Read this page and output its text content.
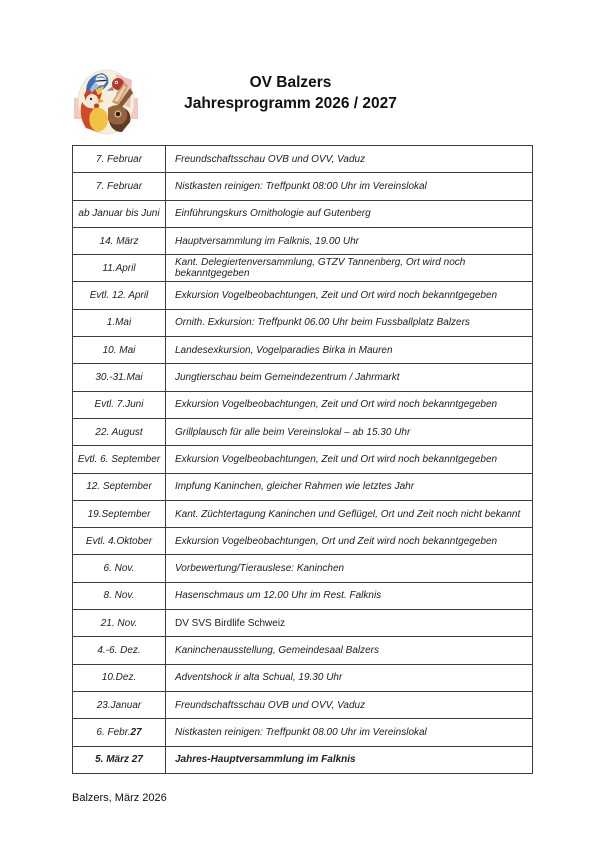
OV Balzers
Jahresprogramm 2026 / 2027
7. Februar	Freundschaftsschau OVB und OVV, Vaduz
7. Februar	Nistkasten reinigen: Treffpunkt 08:00 Uhr im Vereinslokal
ab Januar bis Juni	Einführungskurs Ornithologie auf Gutenberg
14. März	Hauptversammlung im Falknis, 19.00 Uhr
11.April	Kant. Delegiertenversammlung, GTZV Tannenberg, Ort wird noch bekanntgegeben
Evtl. 12. April	Exkursion Vogelbeobachtungen, Zeit und Ort wird noch bekanntgegeben
1.Mai	Ornith. Exkursion: Treffpunkt 06.00 Uhr beim Fussballplatz Balzers
10. Mai	Landesexkursion, Vogelparadies Birka in Mauren
30.-31.Mai	Jungtierschau beim Gemeindezentrum / Jahrmarkt
Evtl. 7.Juni	Exkursion Vogelbeobachtungen, Zeit und Ort wird noch bekanntgegeben
22. August	Grillplausch für alle beim Vereinslokal – ab 15.30 Uhr
Evtl. 6. September	Exkursion Vogelbeobachtungen, Zeit und Ort wird noch bekanntgegeben
12. September	Impfung Kaninchen, gleicher Rahmen wie letztes Jahr
19.September	Kant. Züchtertagung Kaninchen und Geflügel, Ort und Zeit noch nicht bekannt
Evtl. 4.Oktober	Exkursion Vogelbeobachtungen, Ort und Zeit wird noch bekanntgegeben
6. Nov.	Vorbewertung/Tierauslese: Kaninchen
8. Nov.	Hasenschmaus um 12.00 Uhr im Rest. Falknis
21. Nov.	DV SVS Birdlife Schweiz
4.-6. Dez.	Kaninchenausstellung, Gemeindesaal Balzers
10.Dez.	Adventshock ir alta Schual, 19.30 Uhr
23.Januar	Freundschaftsschau OVB und OVV, Vaduz
6. Febr.27	Nistkasten reinigen: Treffpunkt 08.00 Uhr im Vereinslokal
5. März 27	Jahres-Hauptversammlung im Falknis
Balzers, März 2026
